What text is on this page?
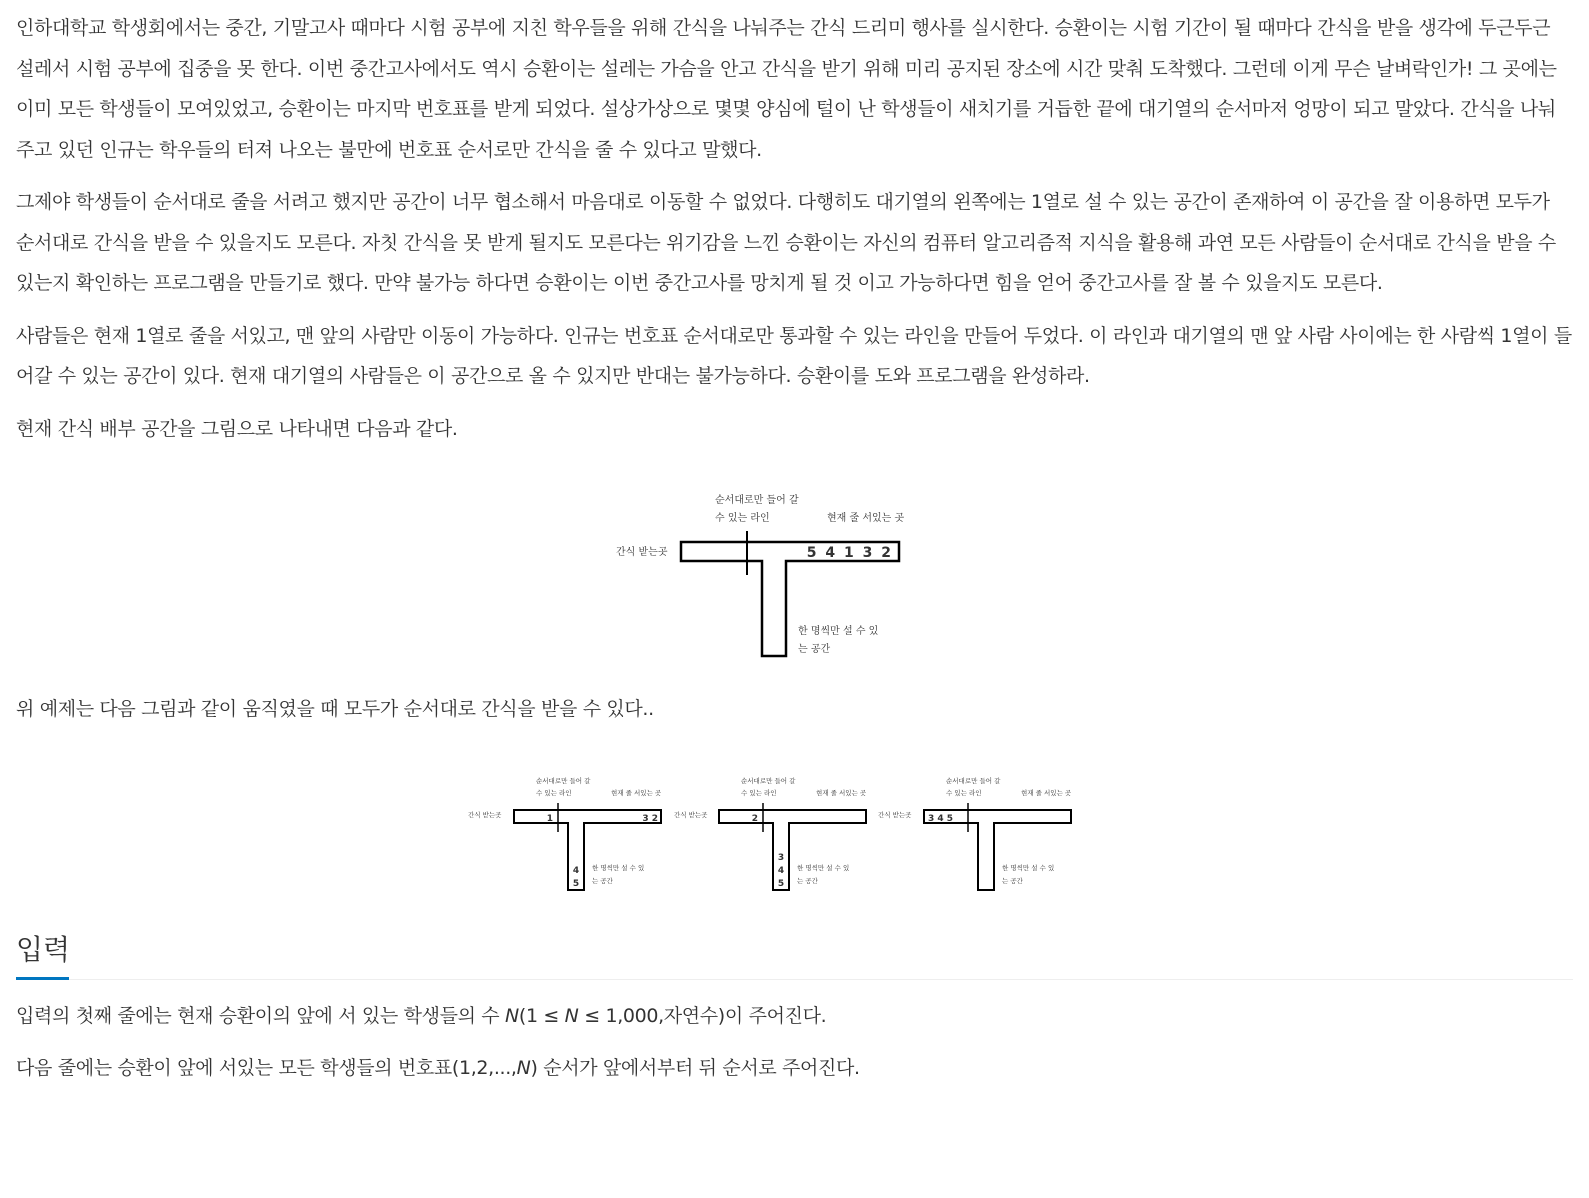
인하대학교 학생회에서는 중간, 기말고사 때마다 시험 공부에 지친 학우들을 위해 간식을 나눠주는 간식 드리미 행사를 실시한다. 승환이는 시험 기간이 될 때마다 간식을 받을 생각에 두근두근 설레서 시험 공부에 집중을 못 한다. 이번 중간고사에서도 역시 승환이는 설레는 가슴을 안고 간식을 받기 위해 미리 공지된 장소에 시간 맞춰 도착했다. 그런데 이게 무슨 날벼락인가! 그 곳에는 이미 모든 학생들이 모여있었고, 승환이는 마지막 번호표를 받게 되었다. 설상가상으로 몇몇 양심에 털이 난 학생들이 새치기를 거듭한 끝에 대기열의 순서마저 엉망이 되고 말았다. 간식을 나눠주고 있던 인규는 학우들의 터져 나오는 불만에 번호표 순서로만 간식을 줄 수 있다고 말했다.

그제야 학생들이 순서대로 줄을 서려고 했지만 공간이 너무 협소해서 마음대로 이동할 수 없었다. 다행히도 대기열의 왼쪽에는 1열로 설 수 있는 공간이 존재하여 이 공간을 잘 이용하면 모두가 순서대로 간식을 받을 수 있을지도 모른다. 자칫 간식을 못 받게 될지도 모른다는 위기감을 느낀 승환이는 자신의 컴퓨터 알고리즘적 지식을 활용해 과연 모든 사람들이 순서대로 간식을 받을 수 있는지 확인하는 프로그램을 만들기로 했다. 만약 불가능 하다면 승환이는 이번 중간고사를 망치게 될 것 이고 가능하다면 힘을 얻어 중간고사를 잘 볼 수 있을지도 모른다.

사람들은 현재 1열로 줄을 서있고, 맨 앞의 사람만 이동이 가능하다. 인규는 번호표 순서대로만 통과할 수 있는 라인을 만들어 두었다. 이 라인과 대기열의 맨 앞 사람 사이에는 한 사람씩 1열이 들어갈 수 있는 공간이 있다. 현재 대기열의 사람들은 이 공간으로 올 수 있지만 반대는 불가능하다. 승환이를 도와 프로그램을 완성하라.

현재 간식 배부 공간을 그림으로 나타내면 다음과 같다.

순서대로만 들어 갈
수 있는 라인	현재 줄 서있는 곳
간식 받는곳
한 명씩만 설 수 있
는 공간
5 4 1 3 2

위 예제는 다음 그림과 같이 움직였을 때 모두가 순서대로 간식을 받을 수 있다..

순서대로만 들어 갈
수 있는 라인	현재 줄 서있는 곳
간식 받는곳
한 명씩만 설 수 있
는 공간
1	3 2
4
5
순서대로만 들어 갈
수 있는 라인	현재 줄 서있는 곳
간식 받는곳
한 명씩만 설 수 있
는 공간
2
3
4
5
순서대로만 들어 갈
수 있는 라인	현재 줄 서있는 곳
간식 받는곳
한 명씩만 설 수 있
는 공간
3 4 5
입력

입력의 첫째 줄에는 현재 승환이의 앞에 서 있는 학생들의 수 N(1 ≤ N ≤ 1,000,자연수)이 주어진다.

다음 줄에는 승환이 앞에 서있는 모든 학생들의 번호표(1,2,...,N) 순서가 앞에서부터 뒤 순서로 주어진다.
